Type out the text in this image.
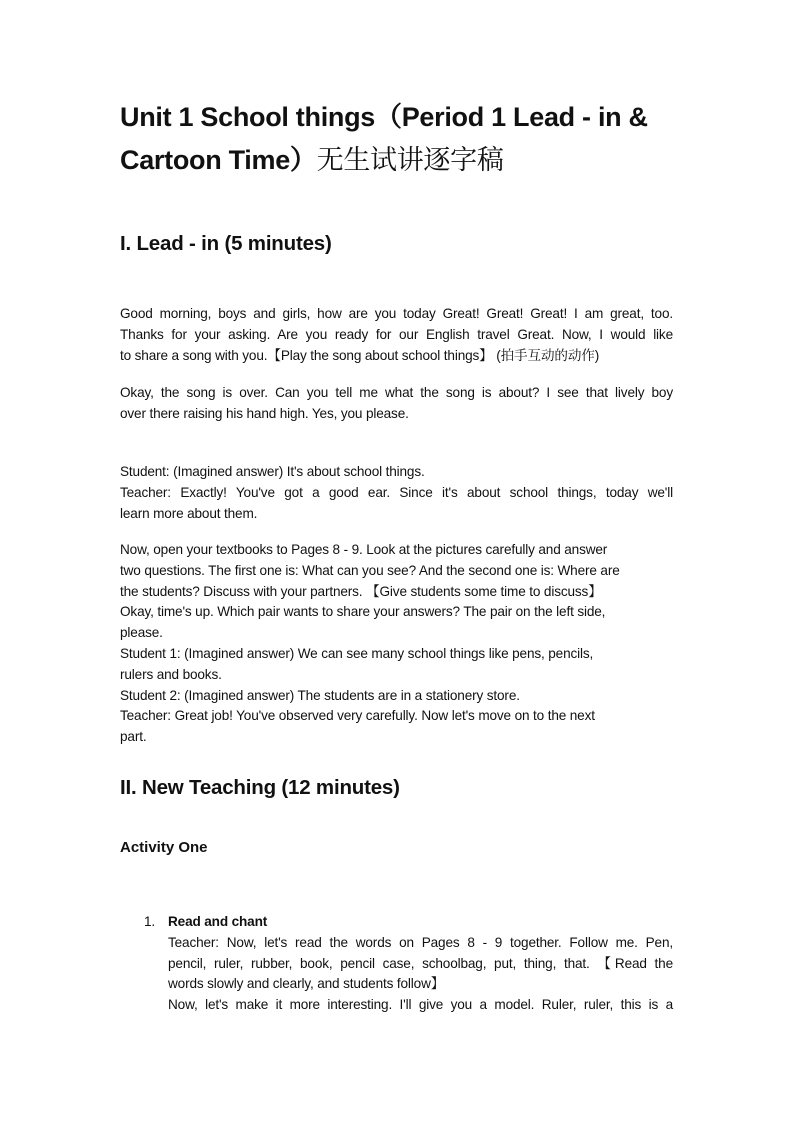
Unit 1 School things（Period 1 Lead - in &
Cartoon Time）无生试讲逐字稿
I. Lead - in (5 minutes)
Good morning, boys and girls, how are you today Great! Great! Great! I am great, too.
Thanks for your asking. Are you ready for our English travel Great. Now, I would like
to share a song with you.【Play the song about school things】 (拍手互动的动作)
Okay, the song is over. Can you tell me what the song is about? I see that lively boy
over there raising his hand high. Yes, you please.
Student: (Imagined answer) It's about school things.
Teacher: Exactly! You've got a good ear. Since it's about school things, today we'll
learn more about them.
Now, open your textbooks to Pages 8 - 9. Look at the pictures carefully and answer
two questions. The first one is: What can you see? And the second one is: Where are
the students? Discuss with your partners. 【Give students some time to discuss】
Okay, time's up. Which pair wants to share your answers? The pair on the left side,
please.
Student 1: (Imagined answer) We can see many school things like pens, pencils,
rulers and books.
Student 2: (Imagined answer) The students are in a stationery store.
Teacher: Great job! You've observed very carefully. Now let's move on to the next
part.
II. New Teaching (12 minutes)
Activity One
1. Read and chant
Teacher: Now, let's read the words on Pages 8 - 9 together. Follow me. Pen,
pencil, ruler, rubber, book, pencil case, schoolbag, put, thing, that. 【Read the
words slowly and clearly, and students follow】
Now, let's make it more interesting. I'll give you a model. Ruler, ruler, this is a
